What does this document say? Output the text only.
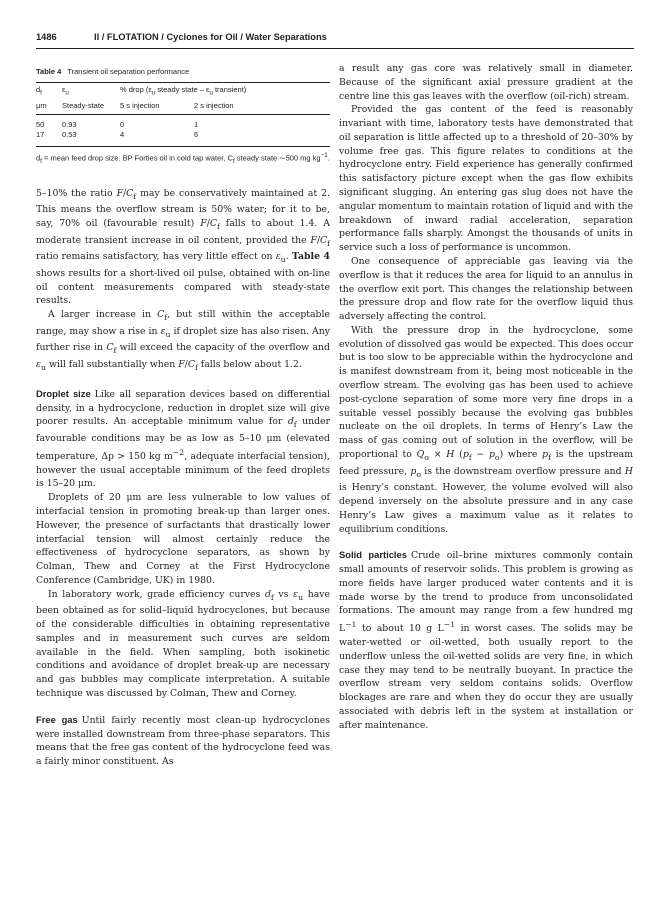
1486	II / FLOTATION / Cyclones for Oil / Water Separations
Table 4 Transient oil separation performance
$d_f$	$\varepsilon_u$	% drop ($\varepsilon_u$ steady state – $\varepsilon_u$ transient)	
μm	Steady-state	5 s injection	2 s injection

50	0.93	0	1
17	0.53	4	6
$d_f$ = mean feed drop size. BP Forties oil in cold tap water, $C_f$ steady state ∼500 mg $kg^{-1}$.

5–10% the ratio $F/C_f$ may be conservatively maintained at 2. This means the overflow stream is 50% water; for it to be, say, 70% oil (favourable result) $F/C_f$ falls to about 1.4. A moderate transient increase in oil content, provided the $F/C_f$ ratio remains satisfactory, has very little effect on $\varepsilon_u$. Table 4 shows results for a short-lived oil pulse, obtained with on-line oil content measurements compared with steady-state results.

A larger increase in $C_f$, but still within the acceptable range, may show a rise in $\varepsilon_u$ if droplet size has also risen. Any further rise in $C_f$ will exceed the capacity of the overflow and $\varepsilon_u$ will fall substantially when $F/C_f$ falls below about 1.2.

Droplet size Like all separation devices based on differential density, in a hydrocyclone, reduction in droplet size will give poorer results. An acceptable minimum value for $d_f$ under favourable conditions may be as low as 5–10 μm (elevated temperature, Δp > 150 kg $m^{-2}$, adequate interfacial tension), however the usual acceptable minimum of the feed droplets is 15–20 μm.

Droplets of 20 μm are less vulnerable to low values of interfacial tension in promoting break-up than larger ones. However, the presence of surfactants that drastically lower interfacial tension will almost certainly reduce the effectiveness of hydrocyclone separators, as shown by Colman, Thew and Corney at the First Hydrocyclone Conference (Cambridge, UK) in 1980.

In laboratory work, grade efficiency curves $d_f$ vs $\varepsilon_u$ have been obtained as for solid–liquid hydrocyclones, but because of the considerable difficulties in obtaining representative samples and in measurement such curves are seldom available in the field. When sampling, both isokinetic conditions and avoidance of droplet break-up are necessary and gas bubbles may complicate interpretation. A suitable technique was discussed by Colman, Thew and Corney.

Free gas Until fairly recently most clean-up hydrocyclones were installed downstream from three-phase separators. This means that the free gas content of the hydrocyclone feed was a fairly minor constituent. As

a result any gas core was relatively small in diameter. Because of the significant axial pressure gradient at the centre line this gas leaves with the overflow (oil-rich) stream.

Provided the gas content of the feed is reasonably invariant with time, laboratory tests have demonstrated that oil separation is little affected up to a threshold of 20–30% by volume free gas. This figure relates to conditions at the hydrocyclone entry. Field experience has generally confirmed this satisfactory picture except when the gas flow exhibits significant slugging. An entering gas slug does not have the angular momentum to maintain rotation of liquid and with the breakdown of inward radial acceleration, separation performance falls sharply. Amongst the thousands of units in service such a loss of performance is uncommon.

One consequence of appreciable gas leaving via the overflow is that it reduces the area for liquid to an annulus in the overflow exit port. This changes the relationship between the pressure drop and flow rate for the overflow liquid thus adversely affecting the control.

With the pressure drop in the hydrocyclone, some evolution of dissolved gas would be expected. This does occur but is too slow to be appreciable within the hydrocyclone and is manifest downstream from it, being most noticeable in the overflow stream. The evolving gas has been used to achieve post-cyclone separation of some more very fine drops in a suitable vessel possibly because the evolving gas bubbles nucleate on the oil droplets. In terms of Henry’s Law the mass of gas coming out of solution in the overflow, will be proportional to $Q_o \times H$ $(p_f - p_o)$ where $p_f$ is the upstream feed pressure, $p_o$ is the downstream overflow pressure and H is Henry’s constant. However, the volume evolved will also depend inversely on the absolute pressure and in any case Henry’s Law gives a maximum value as it relates to equilibrium conditions.

Solid particles Crude oil–brine mixtures commonly contain small amounts of reservoir solids. This problem is growing as more fields have larger produced water contents and it is made worse by the trend to produce from unconsolidated formations. The amount may range from a few hundred mg $L^{-1}$ to about 10 g $L^{-1}$ in worst cases. The solids may be water-wetted or oil-wetted, both usually report to the underflow unless the oil-wetted solids are very fine, in which case they may tend to be neutrally buoyant. In practice the overflow stream very seldom contains solids. Overflow blockages are rare and when they do occur they are usually associated with debris left in the system at installation or after maintenance.
